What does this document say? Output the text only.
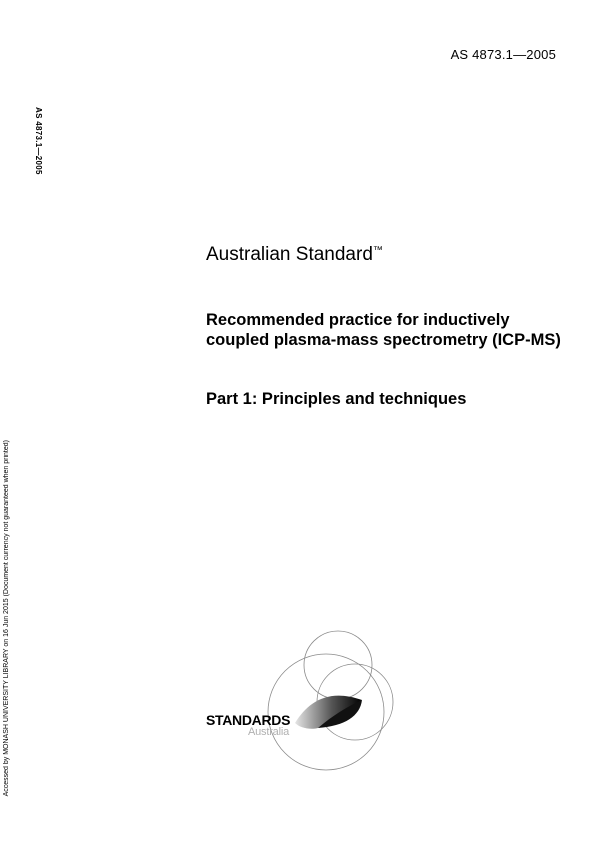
AS 4873.1—2005
AS 4873.1—2005
Accessed by MONASH UNIVERSITY LIBRARY on 16 Jun 2015 (Document currency not guaranteed when printed)
Australian Standard™
Recommended practice for inductively coupled plasma-mass spectrometry (ICP-MS)
Part 1: Principles and techniques
STANDARDS
Australia
